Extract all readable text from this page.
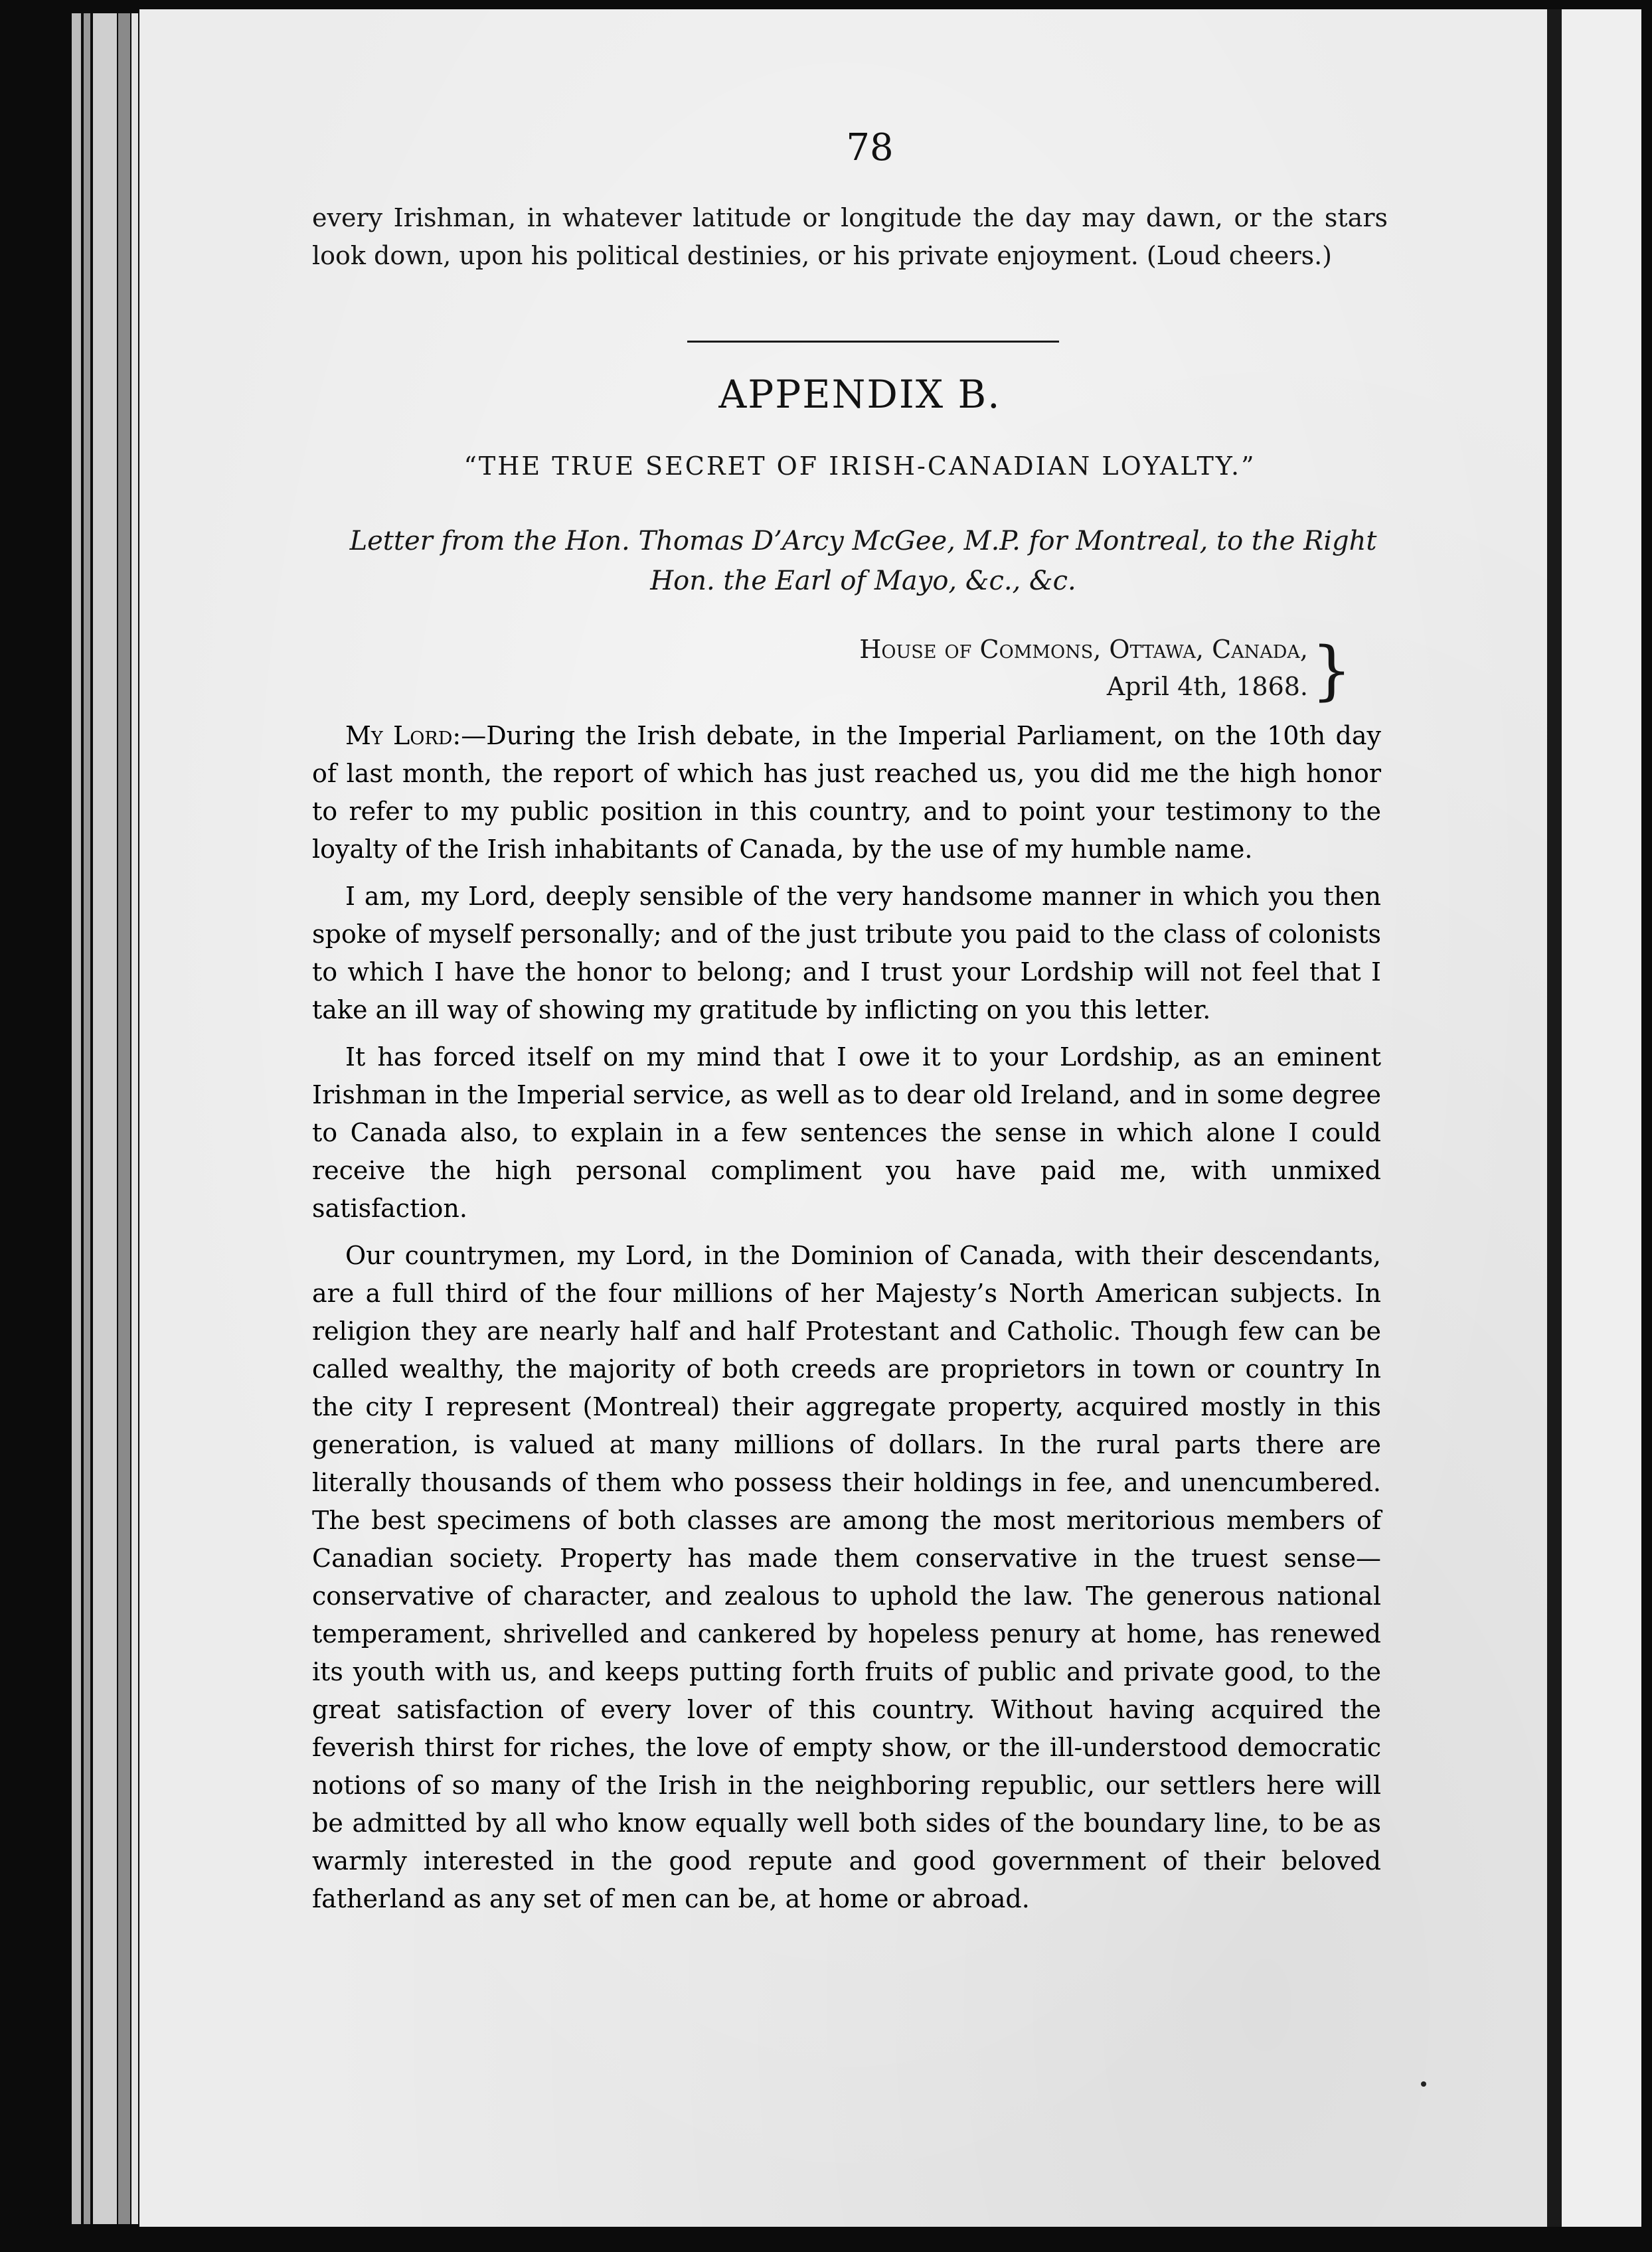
78

every Irishman, in whatever latitude or longitude the day may dawn, or the stars look down, upon his political destinies, or his private enjoyment. (Loud cheers.)

APPENDIX B.
“THE TRUE SECRET OF IRISH-CANADIAN LOYALTY.”
Letter from the Hon. Thomas D’Arcy McGee, M.P. for Montreal, to the Right Hon. the Earl of Mayo, &c., &c.
House of Commons, Ottawa, Canada,
April 4th, 1868. }

My Lord:—During the Irish debate, in the Imperial Parliament, on the 10th day of last month, the report of which has just reached us, you did me the high honor to refer to my public position in this country, and to point your testimony to the loyalty of the Irish inhabitants of Canada, by the use of my humble name.

I am, my Lord, deeply sensible of the very handsome manner in which you then spoke of myself personally; and of the just tribute you paid to the class of colonists to which I have the honor to belong; and I trust your Lordship will not feel that I take an ill way of showing my gratitude by inflicting on you this letter.

It has forced itself on my mind that I owe it to your Lordship, as an eminent Irishman in the Imperial service, as well as to dear old Ireland, and in some degree to Canada also, to explain in a few sentences the sense in which alone I could receive the high personal compliment you have paid me, with unmixed satisfaction.

Our countrymen, my Lord, in the Dominion of Canada, with their descendants, are a full third of the four millions of her Majesty’s North American subjects. In religion they are nearly half and half Protestant and Catholic. Though few can be called wealthy, the majority of both creeds are proprietors in town or country In the city I represent (Montreal) their aggregate property, acquired mostly in this generation, is valued at many millions of dollars. In the rural parts there are literally thousands of them who possess their holdings in fee, and unencumbered. The best specimens of both classes are among the most meritorious members of Canadian society. Property has made them conservative in the truest sense—conservative of character, and zealous to uphold the law. The generous national temperament, shrivelled and cankered by hopeless penury at home, has renewed its youth with us, and keeps putting forth fruits of public and private good, to the great satisfaction of every lover of this country. Without having acquired the feverish thirst for riches, the love of empty show, or the ill-understood democratic notions of so many of the Irish in the neighboring republic, our settlers here will be admitted by all who know equally well both sides of the boundary line, to be as warmly interested in the good repute and good government of their beloved fatherland as any set of men can be, at home or abroad.
